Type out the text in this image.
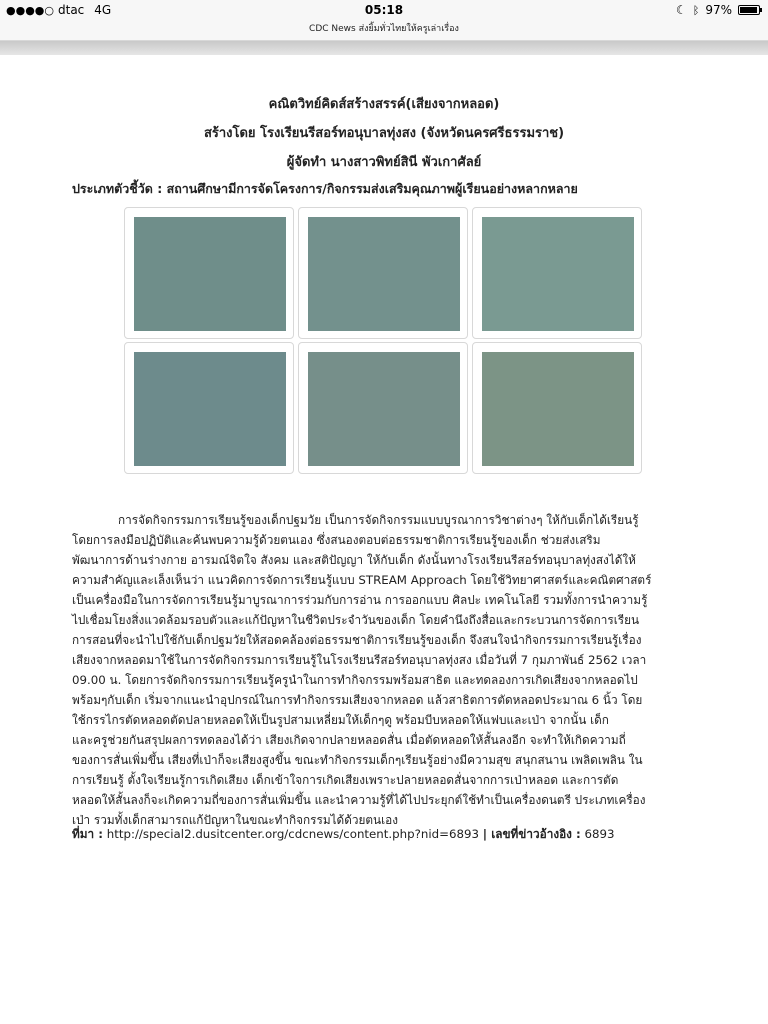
●●●●○ dtac 4G	05:18	☾ ᛒ 97%
CDC News ส่งยิ้มทั่วไทยให้ครูเล่าเรื่อง
คณิตวิทย์คิดส์สร้างสรรค์(เสียงจากหลอด)
สร้างโดย โรงเรียนรีสอร์ทอนุบาลทุ่งสง (จังหวัดนครศรีธรรมราช)
ผู้จัดทำ นางสาวพิทย์สินี พัวเกาศัลย์
ประเภทตัวชี้วัด : สถานศึกษามีการจัดโครงการ/กิจกรรมส่งเสริมคุณภาพผู้เรียนอย่างหลากหลาย
การจัดกิจกรรมการเรียนรู้ของเด็กปฐมวัย เป็นการจัดกิจกรรมแบบบูรณาการวิชาต่างๆ ให้กับเด็กได้เรียนรู้
โดยการลงมือปฏิบัติและค้นพบความรู้ด้วยตนเอง ซึ่งสนองตอบต่อธรรมชาติการเรียนรู้ของเด็ก ช่วยส่งเสริม
พัฒนาการด้านร่างกาย อารมณ์จิตใจ สังคม และสติปัญญา ให้กับเด็ก ดังนั้นทางโรงเรียนรีสอร์ทอนุบาลทุ่งสงได้ให้
ความสำคัญและเล็งเห็นว่า แนวคิดการจัดการเรียนรู้แบบ STREAM Approach โดยใช้วิทยาศาสตร์และคณิตศาสตร์
เป็นเครื่องมือในการจัดการเรียนรู้มาบูรณาการร่วมกับการอ่าน การออกแบบ ศิลปะ เทคโนโลยี รวมทั้งการนำความรู้
ไปเชื่อมโยงสิ่งแวดล้อมรอบตัวและแก้ปัญหาในชีวิตประจำวันของเด็ก โดยคำนึงถึงสื่อและกระบวนการจัดการเรียน
การสอนที่จะนำไปใช้กับเด็กปฐมวัยให้สอดคล้องต่อธรรมชาติการเรียนรู้ของเด็ก จึงสนใจนำกิจกรรมการเรียนรู้เรื่อง
เสียงจากหลอดมาใช้ในการจัดกิจกรรมการเรียนรู้ในโรงเรียนรีสอร์ทอนุบาลทุ่งสง เมื่อวันที่ 7 กุมภาพันธ์ 2562 เวลา
09.00 น. โดยการจัดกิจกรรมการเรียนรู้ครูนำในการทำกิจกรรมพร้อมสาธิต และทดลองการเกิดเสียงจากหลอดไป
พร้อมๆกับเด็ก เริ่มจากแนะนำอุปกรณ์ในการทำกิจกรรมเสียงจากหลอด แล้วสาธิตการตัดหลอดประมาณ 6 นิ้ว โดย
ใช้กรรไกรตัดหลอดตัดปลายหลอดให้เป็นรูปสามเหลี่ยมให้เด็กๆดู พร้อมบีบหลอดให้แฟบและเป่า จากนั้น เด็ก
และครูช่วยกันสรุปผลการทดลองได้ว่า เสียงเกิดจากปลายหลอดสั่น เมื่อตัดหลอดให้สั้นลงอีก จะทำให้เกิดความถี่
ของการสั่นเพิ่มขึ้น เสียงที่เป่าก็จะเสียงสูงขึ้น ขณะทำกิจกรรมเด็กๆเรียนรู้อย่างมีความสุข สนุกสนาน เพลิดเพลิน ใน
การเรียนรู้ ตั้งใจเรียนรู้การเกิดเสียง เด็กเข้าใจการเกิดเสียงเพราะปลายหลอดสั่นจากการเป่าหลอด และการตัด
หลอดให้สั้นลงก็จะเกิดความถี่ของการสั่นเพิ่มขึ้น และนำความรู้ที่ได้ไปประยุกต์ใช้ทำเป็นเครื่องดนตรี ประเภทเครื่อง
เป่า รวมทั้งเด็กสามารถแก้ปัญหาในขณะทำกิจกรรมได้ด้วยตนเอง
ที่มา : http://special2.dusitcenter.org/cdcnews/content.php?nid=6893 | เลขที่ข่าวอ้างอิง : 6893
